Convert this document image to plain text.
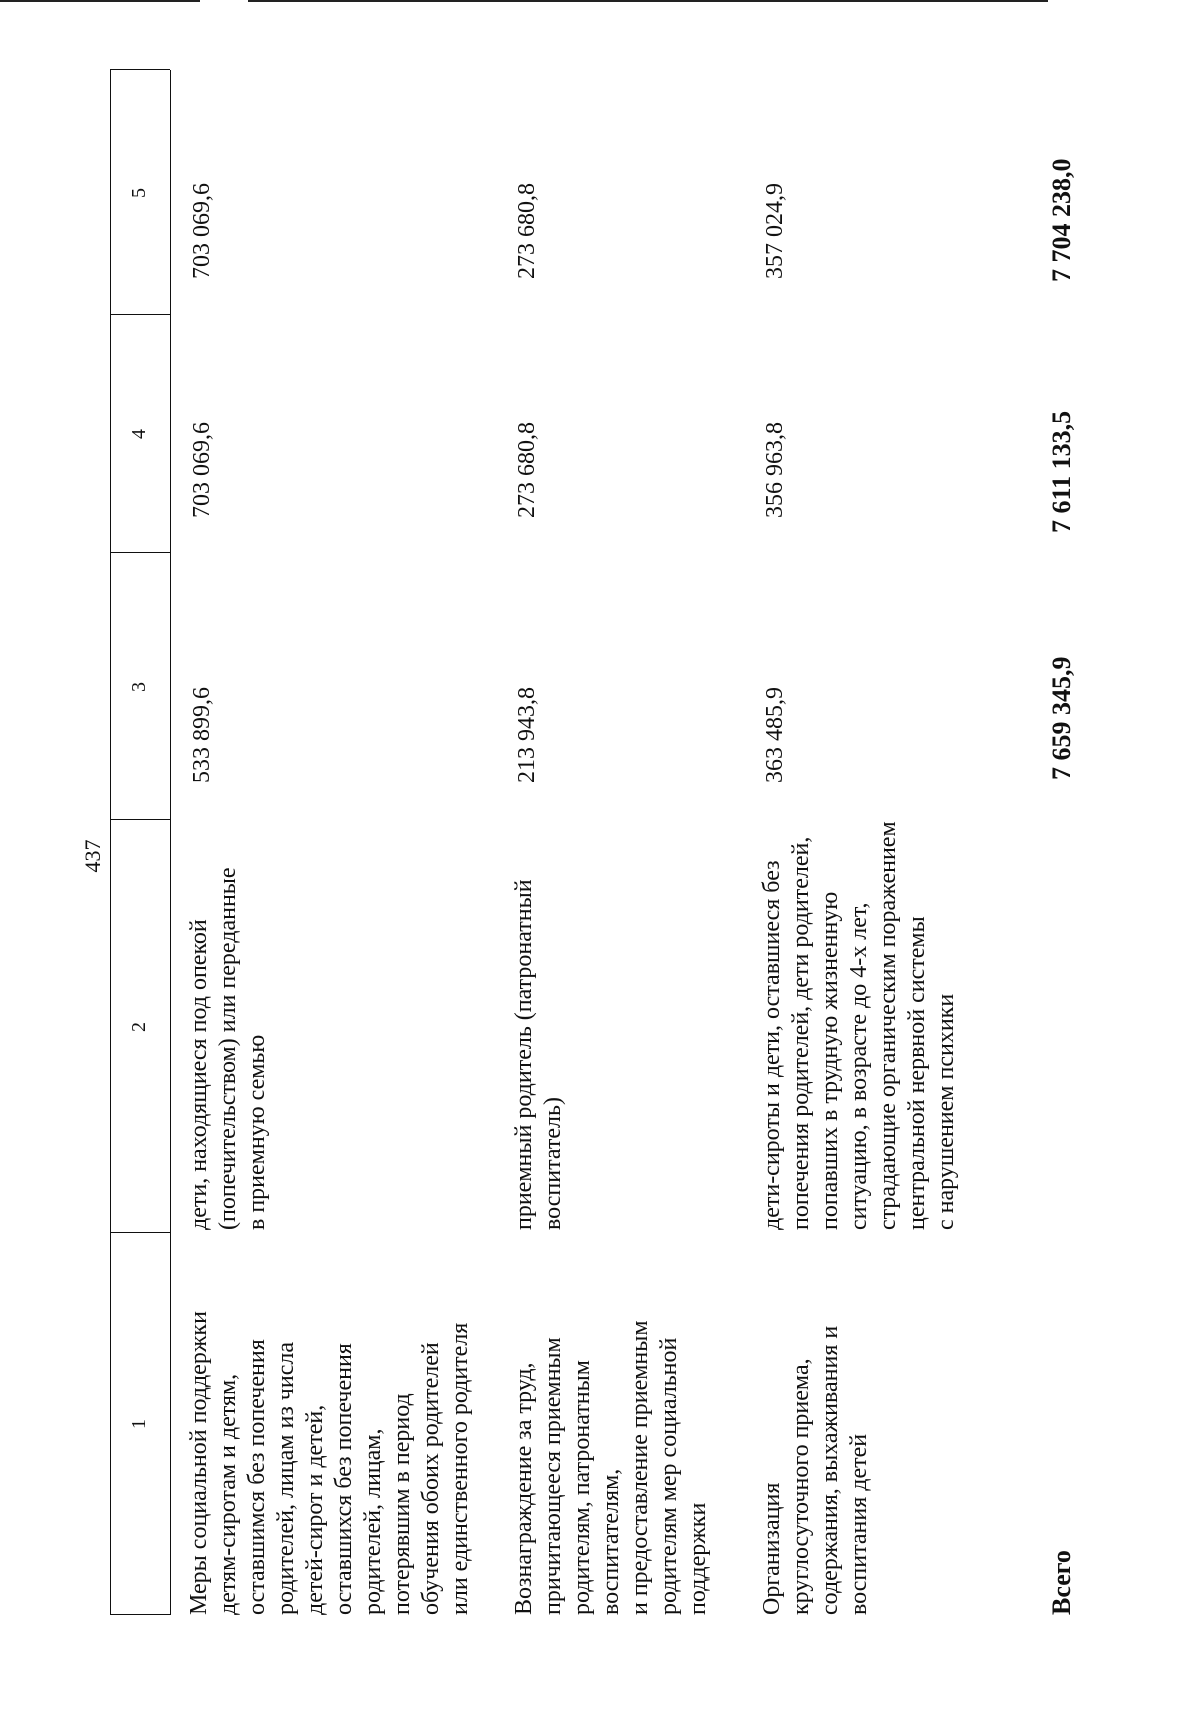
437
1
2
3
4
5
Меры социальной поддержки
детям-сиротам и детям,
оставшимся без попечения
родителей, лицам из числа
детей-сирот и детей,
оставшихся без попечения
родителей, лицам,
потерявшим в период
обучения обоих родителей
или единственного родителя
дети, находящиеся под опекой
(попечительством) или переданные
в приемную семью
533 899,6
703 069,6
703 069,6
Вознаграждение за труд,
причитающееся приемным
родителям, патронатным
воспитателям,
и предоставление приемным
родителям мер социальной
поддержки
приемный родитель (патронатный
воспитатель)
213 943,8
273 680,8
273 680,8
Организация
круглосуточного приема,
содержания, выхаживания и
воспитания детей
дети-сироты и дети, оставшиеся без
попечения родителей, дети родителей,
попавших в трудную жизненную
ситуацию, в возрасте до 4-х лет,
страдающие органическим поражением
центральной нервной системы
с нарушением психики
363 485,9
356 963,8
357 024,9
Всего
7 659 345,9
7 611 133,5
7 704 238,0
